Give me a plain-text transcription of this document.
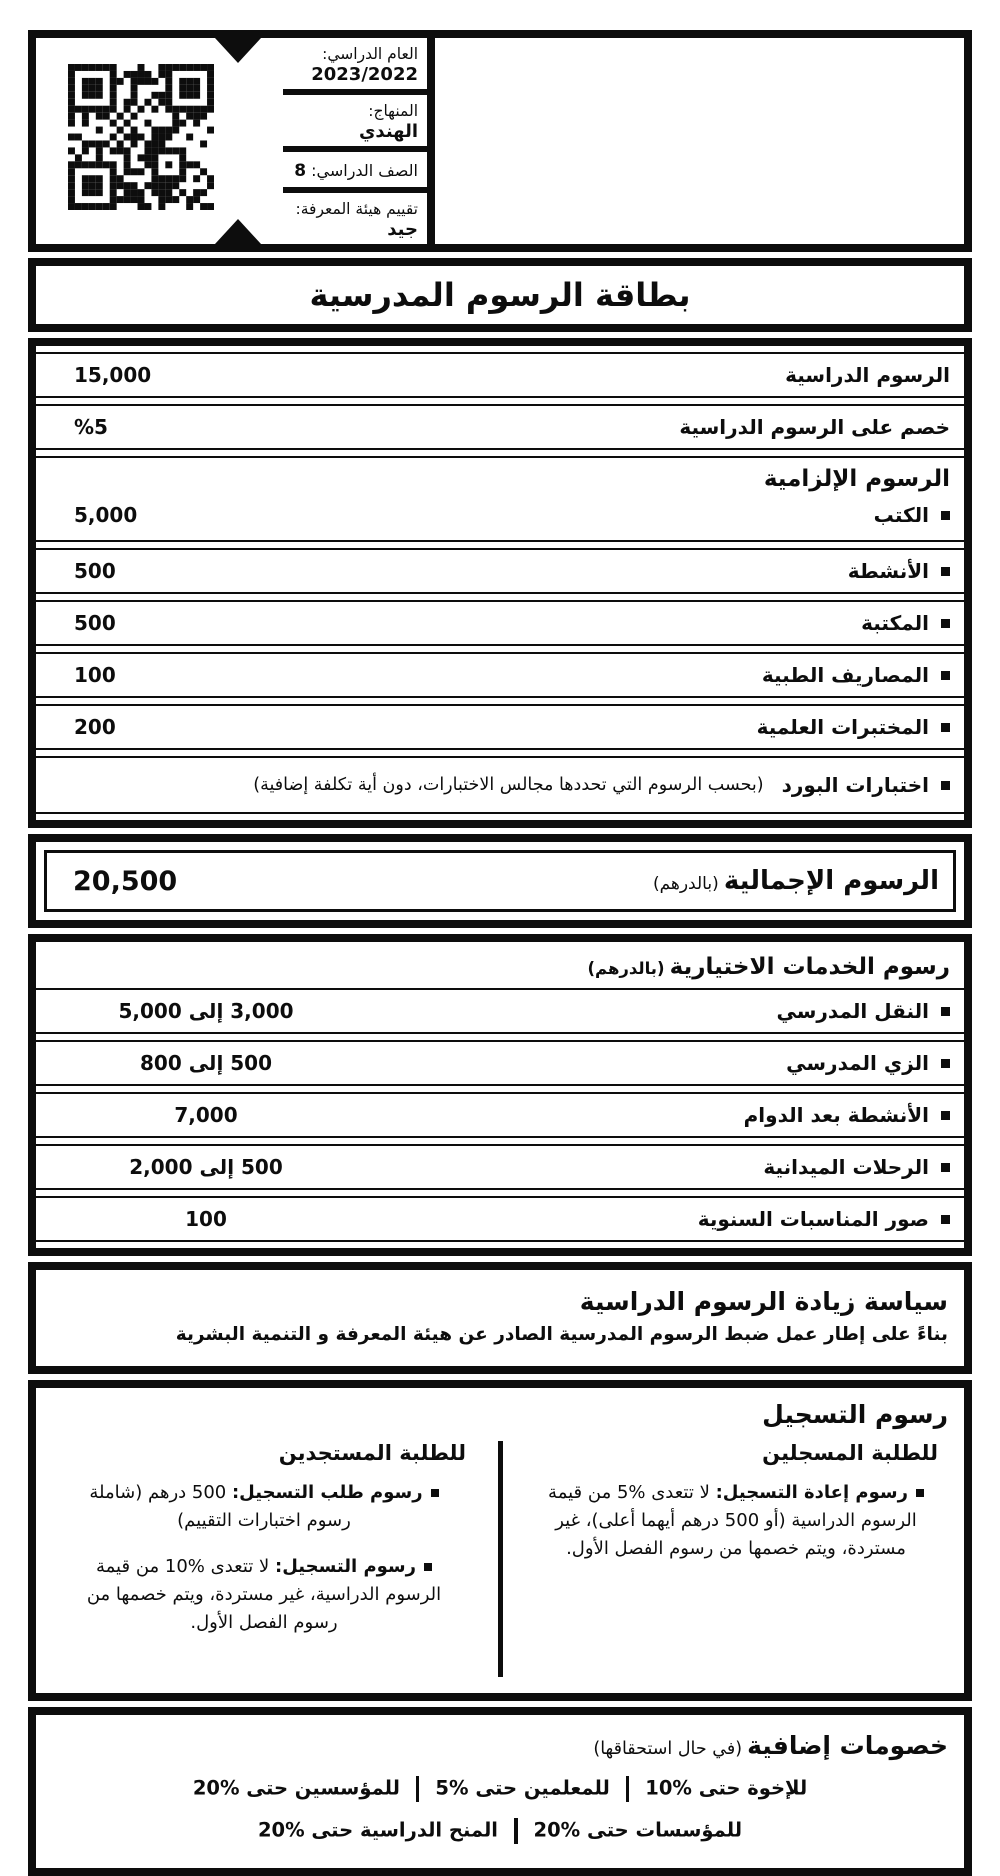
العام الدراسي:
2023/2022
المنهاج:
الهندي
الصف الدراسي: 8
تقييم هيئة المعرفة:
جيد
بطاقة الرسوم المدرسية
الرسوم الدراسية
15,000
خصم على الرسوم الدراسية
%5
الرسوم الإلزامية
الكتب
5,000
الأنشطة
500
المكتبة
500
المصاريف الطبية
100
المختبرات العلمية
200
اختبارات البورد
(بحسب الرسوم التي تحددها مجالس الاختبارات، دون أية تكلفة إضافية)
الرسوم الإجمالية (بالدرهم)
20,500
رسوم الخدمات الاختيارية (بالدرهم)
النقل المدرسي
3,000 إلى 5,000
الزي المدرسي
500 إلى 800
الأنشطة بعد الدوام
7,000
الرحلات الميدانية
500 إلى 2,000
صور المناسبات السنوية
100
سياسة زيادة الرسوم الدراسية
بناءً على إطار عمل ضبط الرسوم المدرسية الصادر عن هيئة المعرفة و التنمية البشرية
رسوم التسجيل
للطلبة المسجلين

رسوم إعادة التسجيل: لا تتعدى %5 من قيمة الرسوم الدراسية (أو 500 درهم أيهما أعلى)، غير مستردة، ويتم خصمها من رسوم الفصل الأول.

للطلبة المستجدين

رسوم طلب التسجيل: 500 درهم (شاملة رسوم اختبارات التقييم)

رسوم التسجيل: لا تتعدى %10 من قيمة الرسوم الدراسية، غير مستردة، ويتم خصمها من رسوم الفصل الأول.

خصومات إضافية (في حال استحقاقها)
للإخوة حتى %10للمعلمين حتى %5للمؤسسين حتى %20
للمؤسسات حتى %20المنح الدراسية حتى %20
